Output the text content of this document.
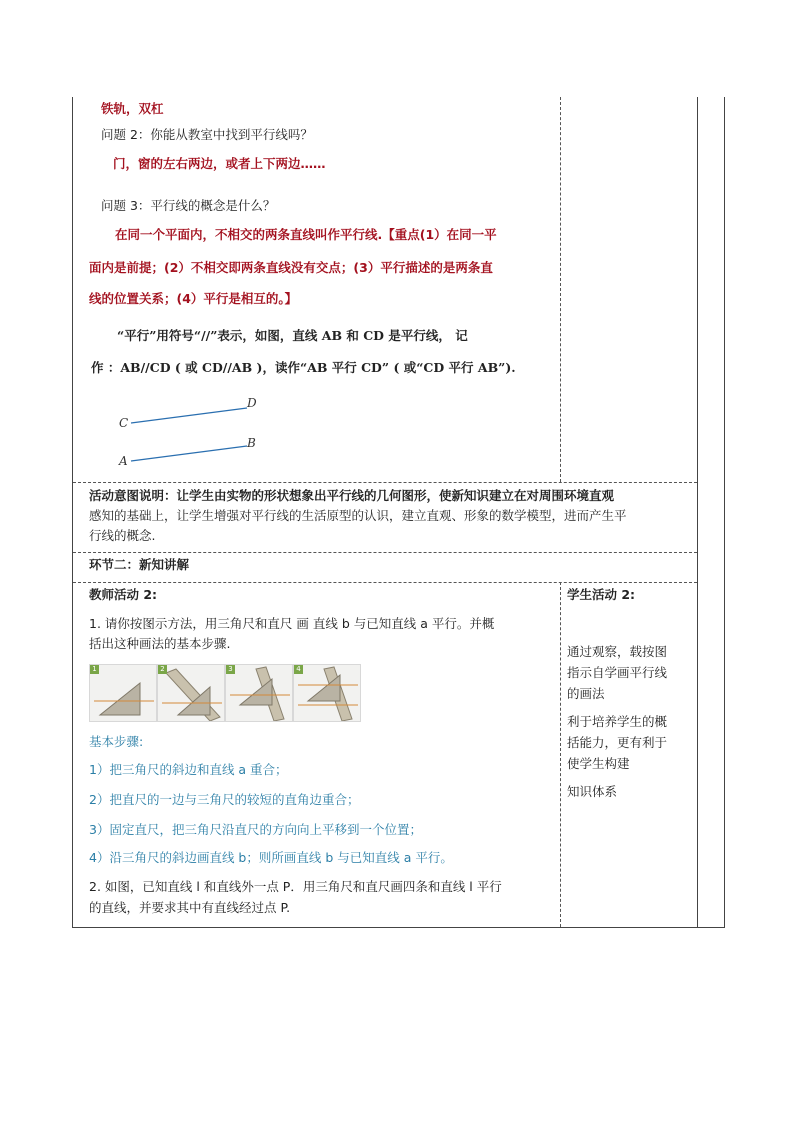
铁轨，双杠
问题 2：你能从教室中找到平行线吗？
门，窗的左右两边，或者上下两边……
问题 3：平行线的概念是什么？
在同一个平面内，不相交的两条直线叫作平行线.【重点(1）在同一平
面内是前提；(2）不相交即两条直线没有交点；(3）平行描述的是两条直
线的位置关系；(4）平行是相互的。】
“平行”用符号“//”表示，如图，直线 AB 和 CD 是平行线， 记
作 ：AB//CD ( 或 CD//AB )，读作“AB 平行 CD” ( 或“CD 平行 AB”).
C
D
A
B
活动意图说明：让学生由实物的形状想象出平行线的几何图形，使新知识建立在对周围环境直观
感知的基础上，让学生增强对平行线的生活原型的认识，建立直观、形象的数学模型，进而产生平
行线的概念.
环节二：新知讲解
教师活动 2:
1. 请你按图示方法，用三角尺和直尺 画 直线 b 与已知直线 a 平行。并概
括出这种画法的基本步骤.
1	2	3	4
基本步骤:
1）把三角尺的斜边和直线 a 重合；
2）把直尺的一边与三角尺的较短的直角边重合；
3）固定直尺，把三角尺沿直尺的方向向上平移到一个位置；
4）沿三角尺的斜边画直线 b；则所画直线 b 与已知直线 a 平行。
2. 如图，已知直线 l 和直线外一点 P．用三角尺和直尺画四条和直线 l 平行
的直线，并要求其中有直线经过点 P.
学生活动 2:
通过观察，载按图
指示自学画平行线
的画法
利于培养学生的概
括能力，更有利于
使学生构建
知识体系
